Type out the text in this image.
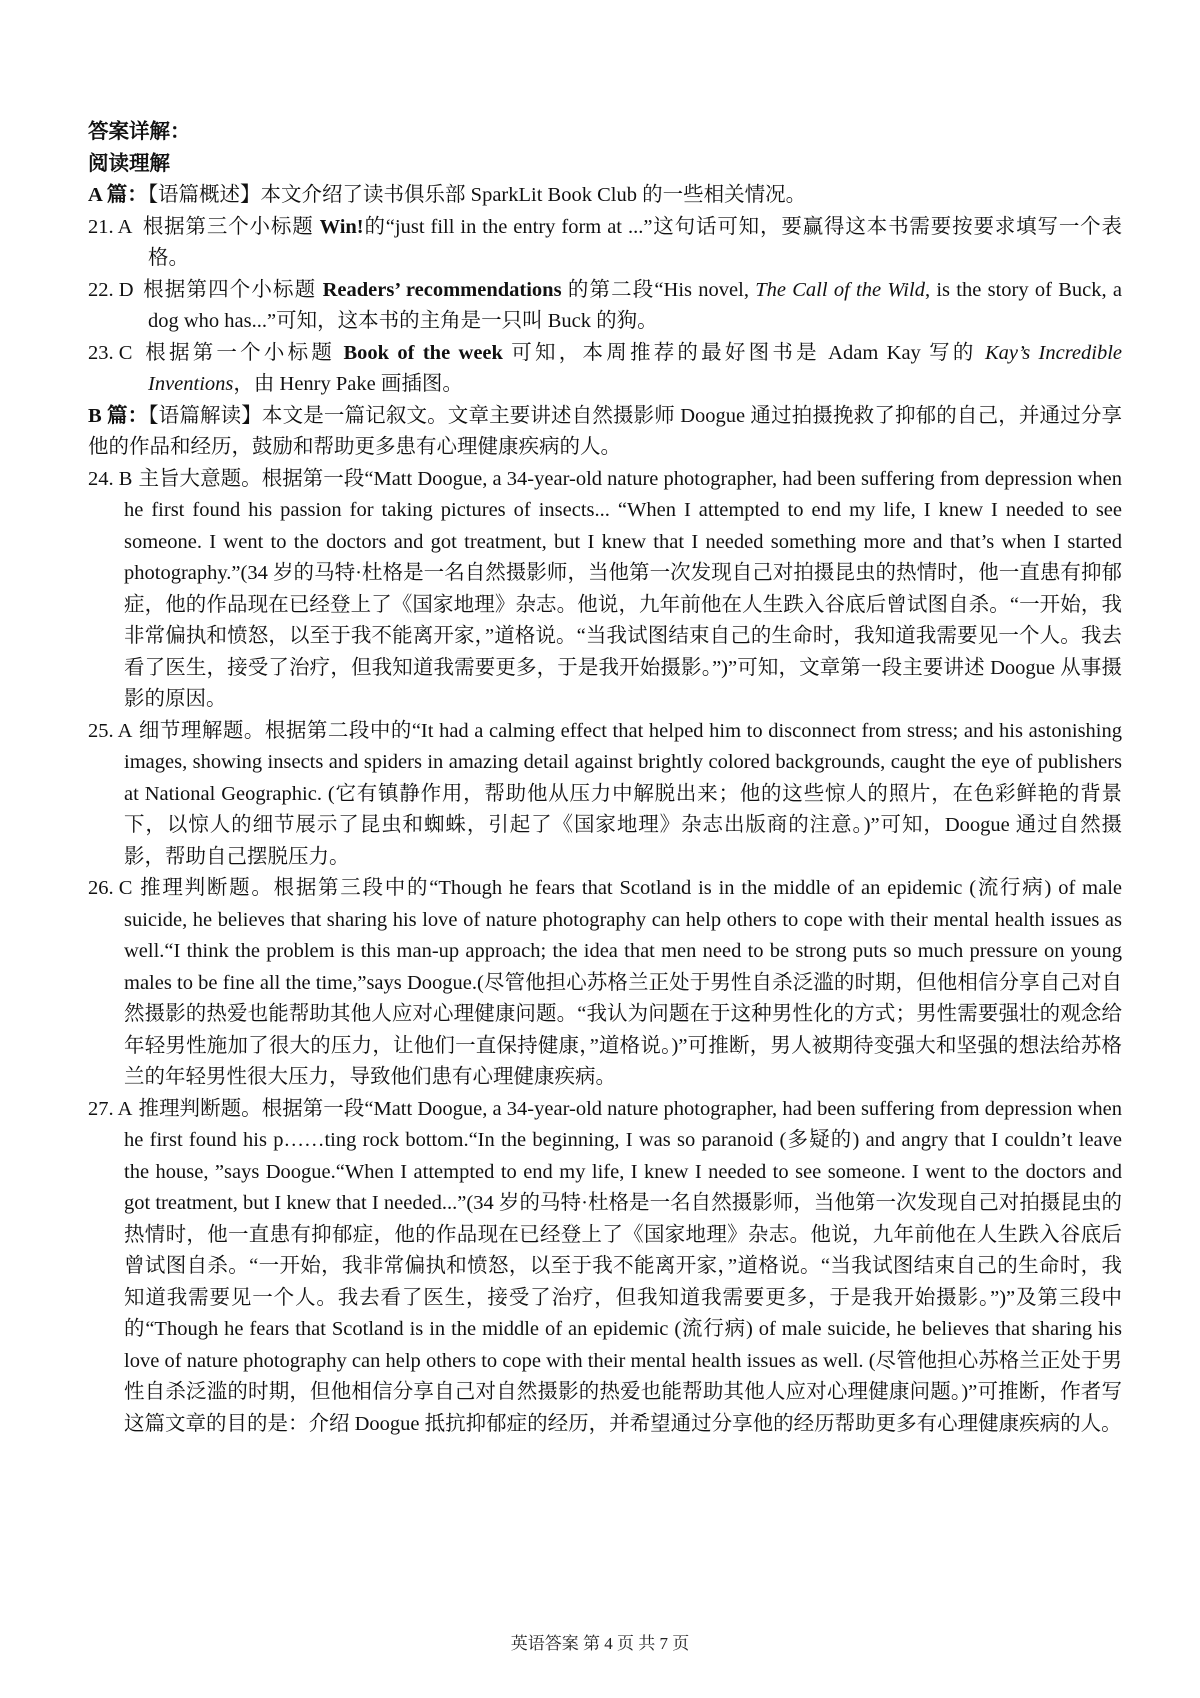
答案详解：

阅读理解

A 篇：【语篇概述】本文介绍了读书俱乐部 SparkLit Book Club 的一些相关情况。

21. A 根据第三个小标题 Win!的“just fill in the entry form at ...”这句话可知，要赢得这本书需要按要求填写一个表格。

22. D 根据第四个小标题 Readers’ recommendations 的第二段“His novel, The Call of the Wild, is the story of Buck, a dog who has...”可知，这本书的主角是一只叫 Buck 的狗。

23. C 根据第一个小标题 Book of the week 可知，本周推荐的最好图书是 Adam Kay 写的 Kay’s Incredible Inventions，由 Henry Pake 画插图。

B 篇：【语篇解读】本文是一篇记叙文。文章主要讲述自然摄影师 Doogue 通过拍摄挽救了抑郁的自己，并通过分享他的作品和经历，鼓励和帮助更多患有心理健康疾病的人。

24. B 主旨大意题。根据第一段“Matt Doogue, a 34-year-old nature photographer, had been suffering from depression when he first found his passion for taking pictures of insects... “When I attempted to end my life, I knew I needed to see someone. I went to the doctors and got treatment, but I knew that I needed something more and that’s when I started photography.”(34 岁的马特·杜格是一名自然摄影师，当他第一次发现自己对拍摄昆虫的热情时，他一直患有抑郁症，他的作品现在已经登上了《国家地理》杂志。他说，九年前他在人生跌入谷底后曾试图自杀。“一开始，我非常偏执和愤怒，以至于我不能离开家，”道格说。“当我试图结束自己的生命时，我知道我需要见一个人。我去看了医生，接受了治疗，但我知道我需要更多，于是我开始摄影。”)”可知，文章第一段主要讲述 Doogue 从事摄影的原因。

25. A 细节理解题。根据第二段中的“It had a calming effect that helped him to disconnect from stress; and his astonishing images, showing insects and spiders in amazing detail against brightly colored backgrounds, caught the eye of publishers at National Geographic. (它有镇静作用，帮助他从压力中解脱出来；他的这些惊人的照片，在色彩鲜艳的背景下，以惊人的细节展示了昆虫和蜘蛛，引起了《国家地理》杂志出版商的注意。)”可知，Doogue 通过自然摄影，帮助自己摆脱压力。

26. C 推理判断题。根据第三段中的“Though he fears that Scotland is in the middle of an epidemic (流行病) of male suicide, he believes that sharing his love of nature photography can help others to cope with their mental health issues as well.“I think the problem is this man-up approach; the idea that men need to be strong puts so much pressure on young males to be fine all the time,”says Doogue.(尽管他担心苏格兰正处于男性自杀泛滥的时期，但他相信分享自己对自然摄影的热爱也能帮助其他人应对心理健康问题。“我认为问题在于这种男性化的方式；男性需要强壮的观念给年轻男性施加了很大的压力，让他们一直保持健康，”道格说。)”可推断，男人被期待变强大和坚强的想法给苏格兰的年轻男性很大压力，导致他们患有心理健康疾病。

27. A 推理判断题。根据第一段“Matt Doogue, a 34-year-old nature photographer, had been suffering from depression when he first found his p……ting rock bottom.“In the beginning, I was so paranoid (多疑的) and angry that I couldn’t leave the house, ”says Doogue.“When I attempted to end my life, I knew I needed to see someone. I went to the doctors and got treatment, but I knew that I needed...”(34 岁的马特·杜格是一名自然摄影师，当他第一次发现自己对拍摄昆虫的热情时，他一直患有抑郁症，他的作品现在已经登上了《国家地理》杂志。他说，九年前他在人生跌入谷底后曾试图自杀。“一开始，我非常偏执和愤怒，以至于我不能离开家，”道格说。“当我试图结束自己的生命时，我知道我需要见一个人。我去看了医生，接受了治疗，但我知道我需要更多，于是我开始摄影。”)”及第三段中的“Though he fears that Scotland is in the middle of an epidemic (流行病) of male suicide, he believes that sharing his love of nature photography can help others to cope with their mental health issues as well. (尽管他担心苏格兰正处于男性自杀泛滥的时期，但他相信分享自己对自然摄影的热爱也能帮助其他人应对心理健康问题。)”可推断，作者写这篇文章的目的是：介绍 Doogue 抵抗抑郁症的经历，并希望通过分享他的经历帮助更多有心理健康疾病的人。

英语答案 第 4 页 共 7 页
